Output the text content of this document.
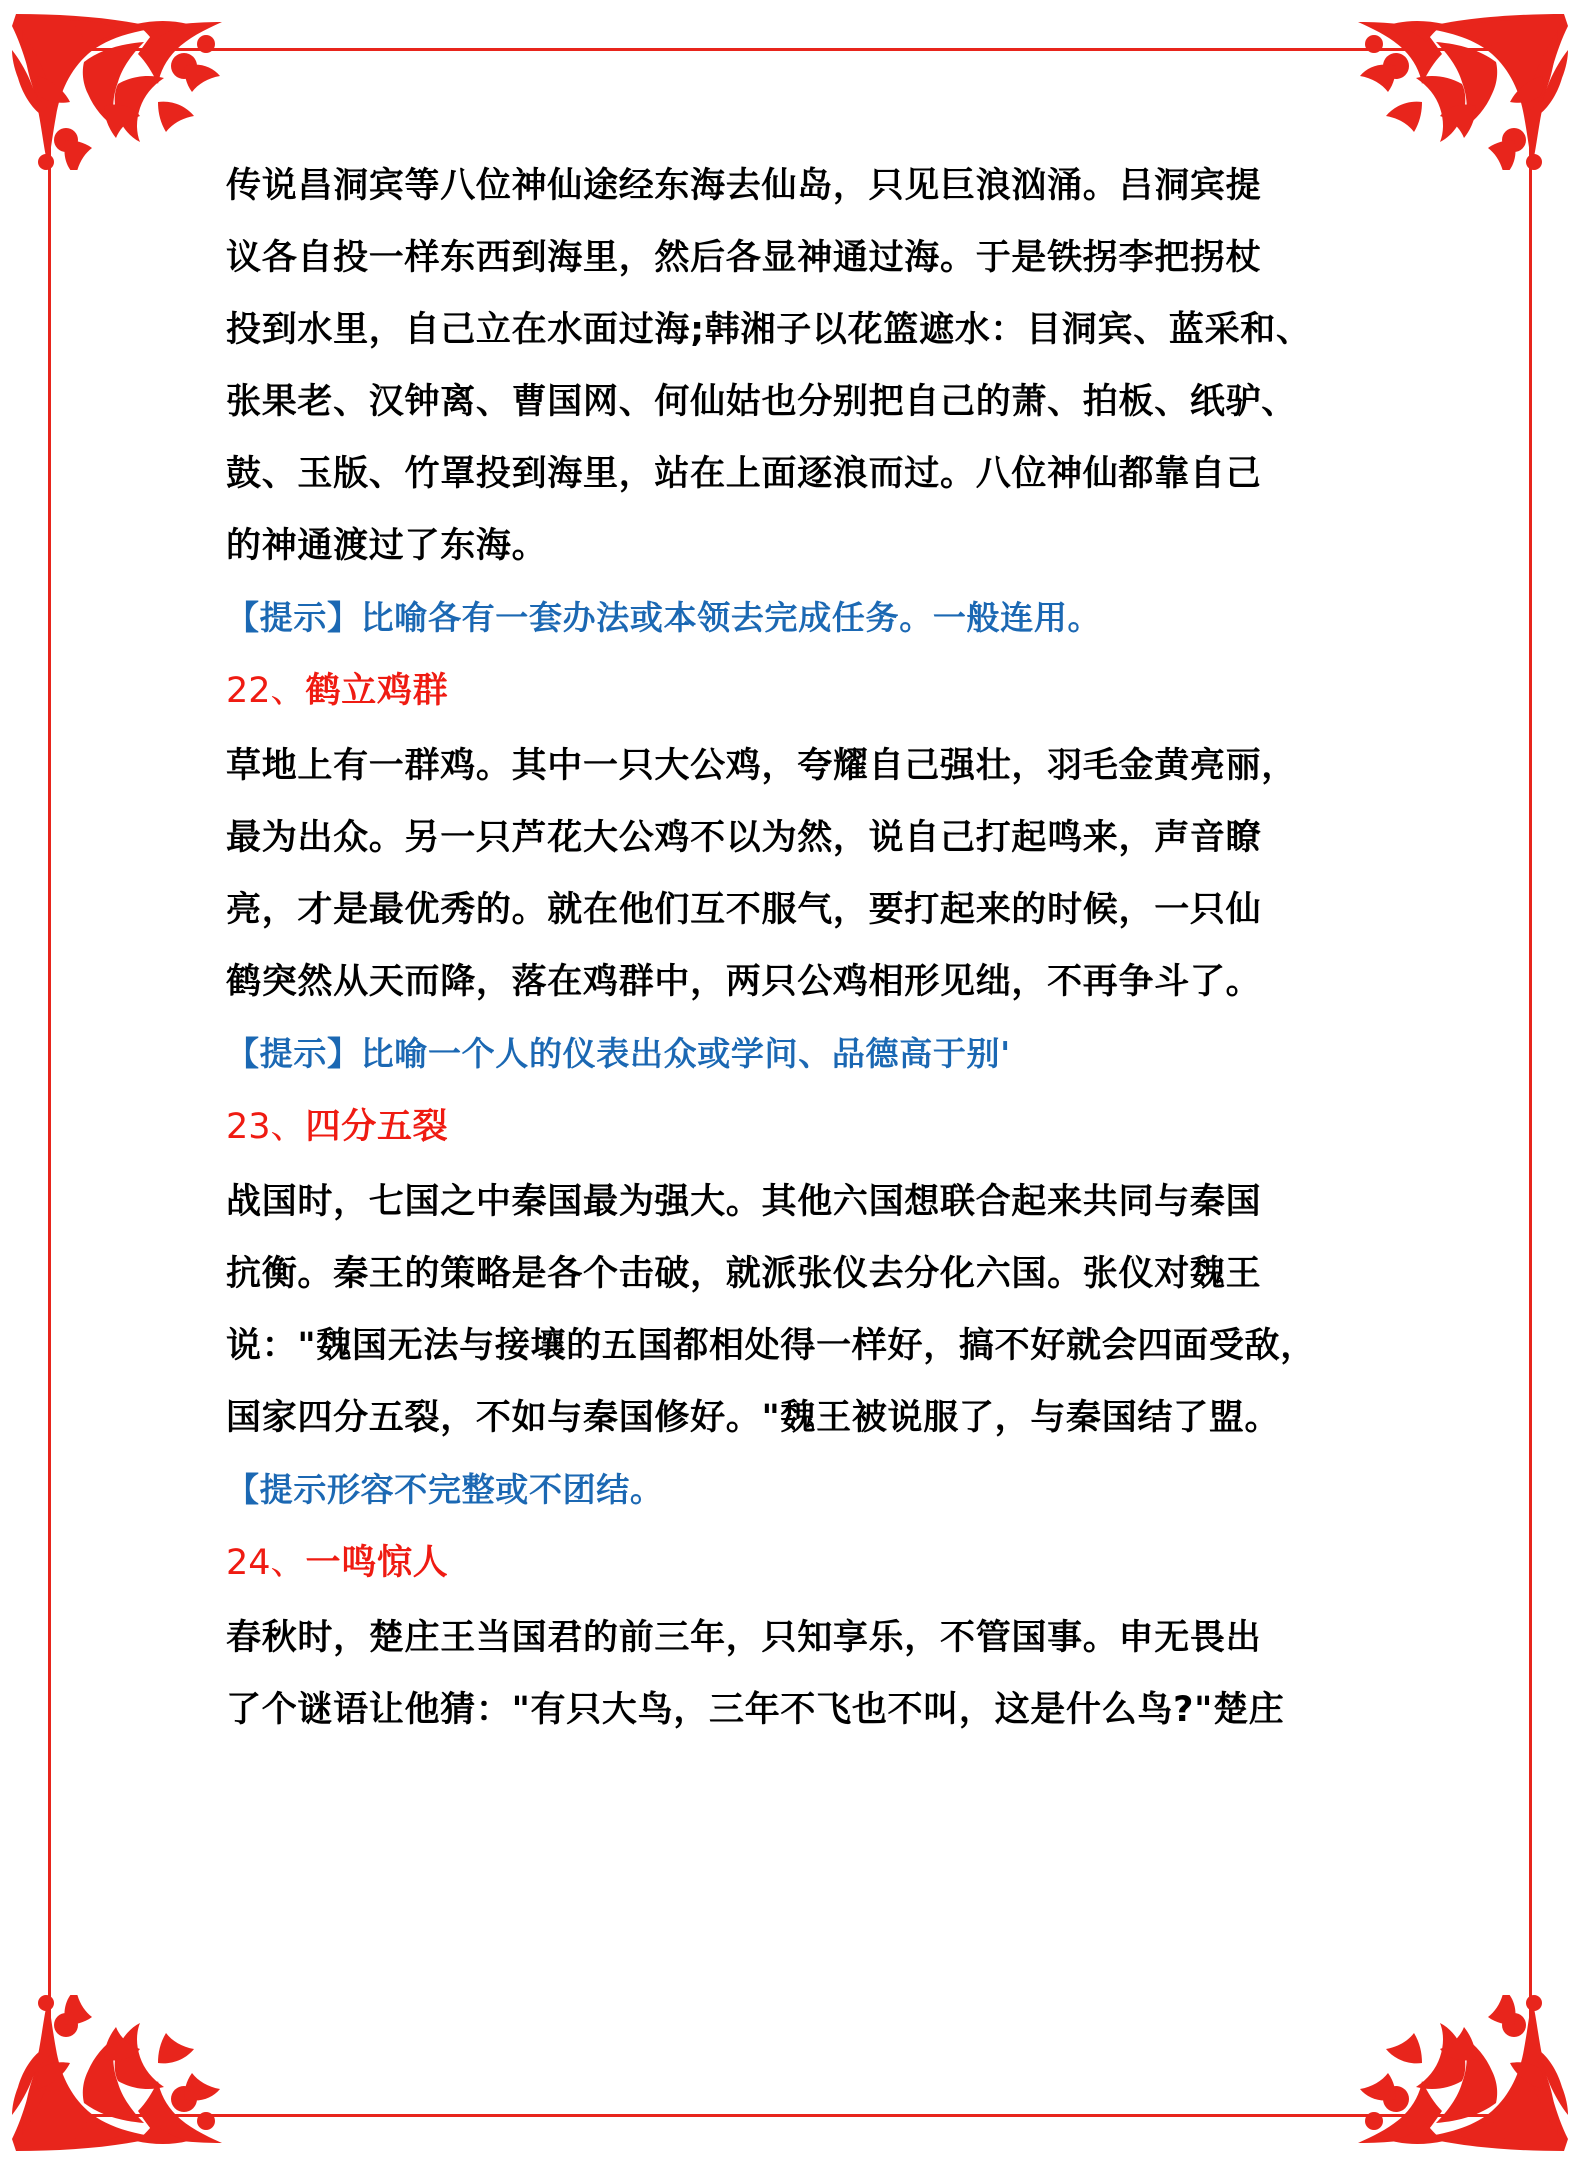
传说昌洞宾等八位神仙途经东海去仙岛，只见巨浪汹涌。吕洞宾提
议各自投一样东西到海里，然后各显神通过海。于是铁拐李把拐杖
投到水里，自己立在水面过海;韩湘子以花篮遮水：目洞宾、蓝采和、
张果老、汉钟离、曹国网、何仙姑也分别把自己的萧、拍板、纸驴、
鼓、玉版、竹罩投到海里，站在上面逐浪而过。八位神仙都靠自己
的神通渡过了东海。
【提示】比喻各有一套办法或本领去完成任务。一般连用。
22、 鹤立鸡群
草地上有一群鸡。其中一只大公鸡，夸耀自己强壮，羽毛金黄亮丽，
最为出众。另一只芦花大公鸡不以为然，说自己打起鸣来，声音瞭
亮，才是最优秀的。就在他们互不服气，要打起来的时候，一只仙
鹤突然从天而降，落在鸡群中，两只公鸡相形见绌，不再争斗了。
【提示】比喻一个人的仪表出众或学问、品德高于别'
23、 四分五裂
战国时，七国之中秦国最为强大。其他六国想联合起来共同与秦国
抗衡。秦王的策略是各个击破，就派张仪去分化六国。张仪对魏王
说："魏国无法与接壤的五国都相处得一样好，搞不好就会四面受敌，
国家四分五裂，不如与秦国修好。"魏王被说服了，与秦国结了盟。
【提示形容不完整或不团结。
24、 一鸣惊人
春秋时，楚庄王当国君的前三年，只知享乐，不管国事。申无畏出
了个谜语让他猜："有只大鸟，三年不飞也不叫，这是什么鸟?"楚庄
